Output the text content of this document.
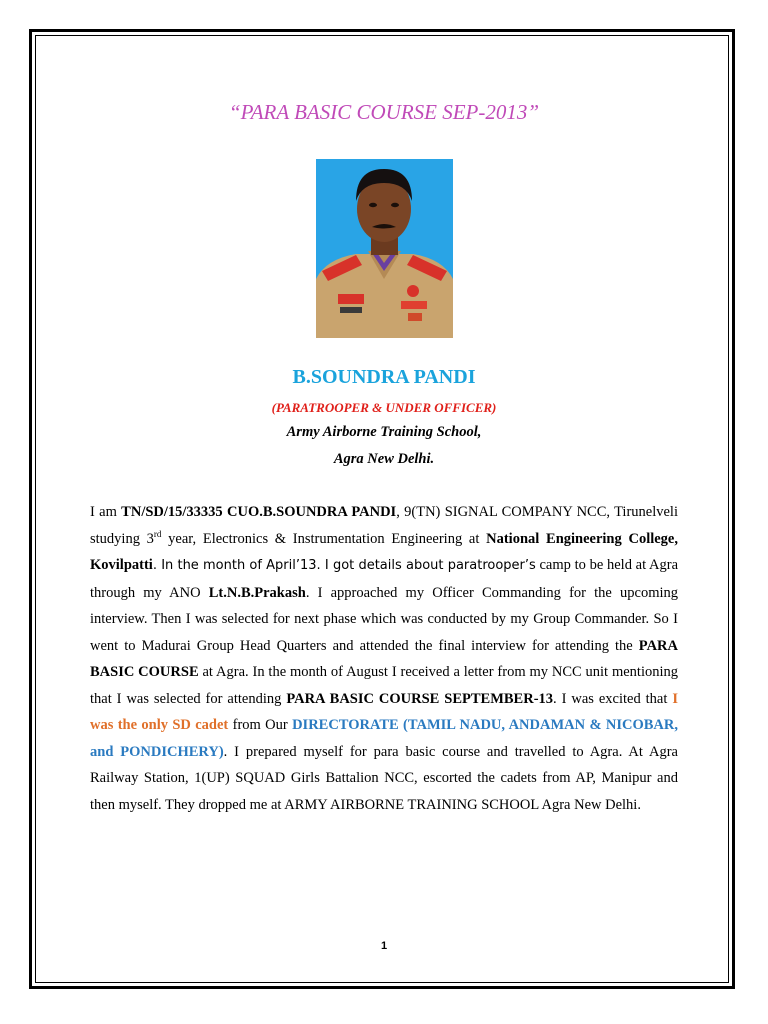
“PARA BASIC COURSE SEP-2013”
B.SOUNDRA PANDI
(PARATROOPER & UNDER OFFICER)
Army Airborne Training School,
Agra New Delhi.

I am TN/SD/15/33335 CUO.B.SOUNDRA PANDI, 9(TN) SIGNAL COMPANY NCC, Tirunelveli studying 3rd year, Electronics & Instrumentation Engineering at National Engineering College, Kovilpatti. In the month of April’13. I got details about paratrooper’s camp to be held at Agra through my ANO Lt.N.B.Prakash. I approached my Officer Commanding for the upcoming interview. Then I was selected for next phase which was conducted by my Group Commander. So I went to Madurai Group Head Quarters and attended the final interview for attending the PARA BASIC COURSE at Agra. In the month of August I received a letter from my NCC unit mentioning that I was selected for attending PARA BASIC COURSE SEPTEMBER-13. I was excited that I was the only SD cadet from Our DIRECTORATE (TAMIL NADU, ANDAMAN & NICOBAR, and PONDICHERY). I prepared myself for para basic course and travelled to Agra. At Agra Railway Station, 1(UP) SQUAD Girls Battalion NCC, escorted the cadets from AP, Manipur and then myself. They dropped me at ARMY AIRBORNE TRAINING SCHOOL Agra New Delhi.

1
